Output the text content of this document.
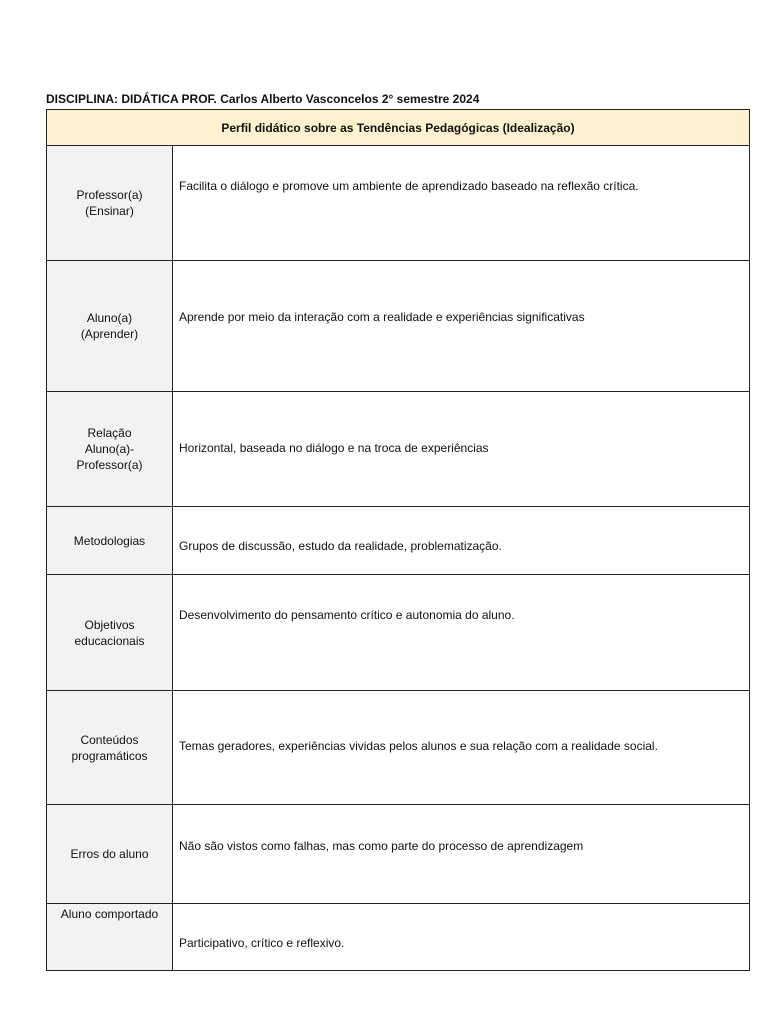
DISCIPLINA: DIDÁTICA PROF. Carlos Alberto Vasconcelos 2° semestre 2024
Perfil didático sobre as Tendências Pedagógicas (Idealização)
Professor(a)
(Ensinar)
Facilita o diálogo e promove um ambiente de aprendizado baseado na reflexão crítica.
Aluno(a)
(Aprender)
Aprende por meio da interação com a realidade e experiências significativas
Relação
Aluno(a)-
Professor(a)
Horizontal, baseada no diálogo e na troca de experiências
Metodologias	Grupos de discussão, estudo da realidade, problematização.
Objetivos
educacionais
Desenvolvimento do pensamento crítico e autonomia do aluno.
Conteúdos
programáticos
Temas geradores, experiências vividas pelos alunos e sua relação com a realidade social.
Erros do aluno
Não são vistos como falhas, mas como parte do processo de aprendizagem
Aluno comportado
Participativo, crítico e reflexivo.
